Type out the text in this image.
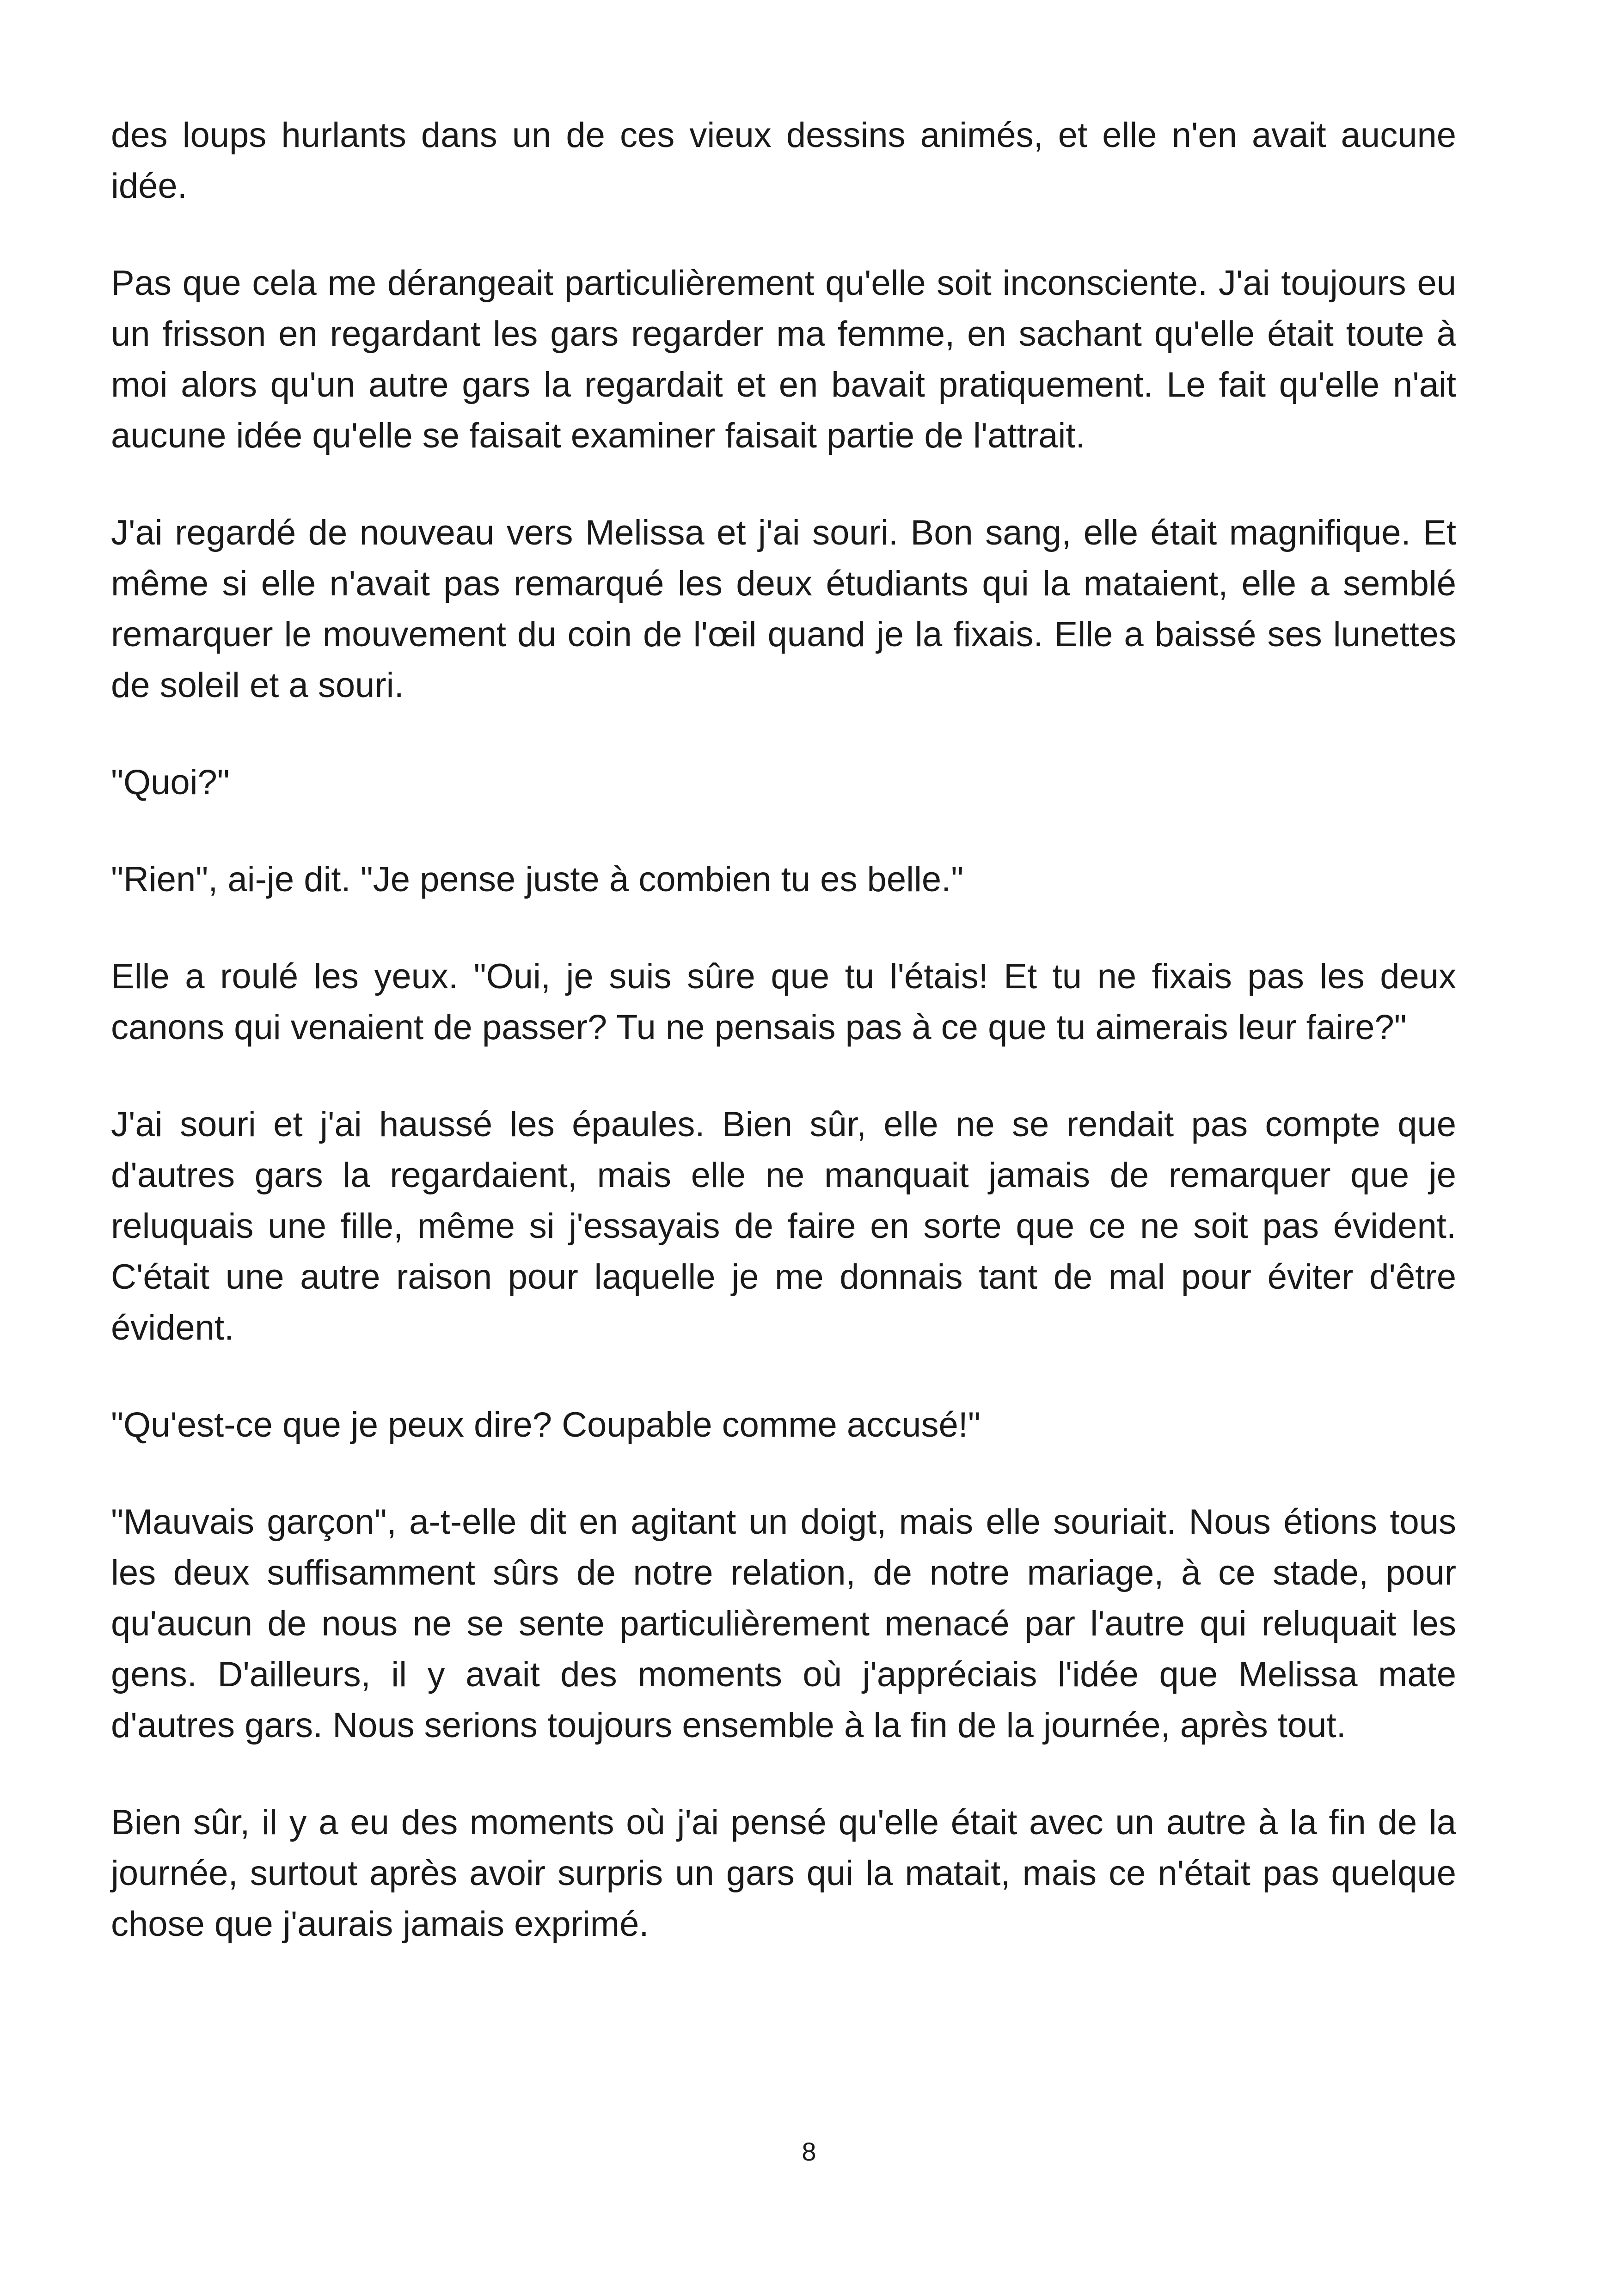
des loups hurlants dans un de ces vieux dessins animés, et elle n'en avait aucune idée.

Pas que cela me dérangeait particulièrement qu'elle soit inconsciente. J'ai toujours eu un frisson en regardant les gars regarder ma femme, en sachant qu'elle était toute à moi alors qu'un autre gars la regardait et en bavait pratiquement. Le fait qu'elle n'ait aucune idée qu'elle se faisait examiner faisait partie de l'attrait.

J'ai regardé de nouveau vers Melissa et j'ai souri. Bon sang, elle était magnifique. Et même si elle n'avait pas remarqué les deux étudiants qui la mataient, elle a semblé remarquer le mouvement du coin de l'œil quand je la fixais. Elle a baissé ses lunettes de soleil et a souri.

"Quoi?"

"Rien", ai-je dit. "Je pense juste à combien tu es belle."

Elle a roulé les yeux. "Oui, je suis sûre que tu l'étais! Et tu ne fixais pas les deux canons qui venaient de passer? Tu ne pensais pas à ce que tu aimerais leur faire?"

J'ai souri et j'ai haussé les épaules. Bien sûr, elle ne se rendait pas compte que d'autres gars la regardaient, mais elle ne manquait jamais de remarquer que je reluquais une fille, même si j'essayais de faire en sorte que ce ne soit pas évident. C'était une autre raison pour laquelle je me donnais tant de mal pour éviter d'être évident.

"Qu'est-ce que je peux dire? Coupable comme accusé!"

"Mauvais garçon", a-t-elle dit en agitant un doigt, mais elle souriait. Nous étions tous les deux suffisamment sûrs de notre relation, de notre mariage, à ce stade, pour qu'aucun de nous ne se sente particulièrement menacé par l'autre qui reluquait les gens. D'ailleurs, il y avait des moments où j'appréciais l'idée que Melissa mate d'autres gars. Nous serions toujours ensemble à la fin de la journée, après tout.

Bien sûr, il y a eu des moments où j'ai pensé qu'elle était avec un autre à la fin de la journée, surtout après avoir surpris un gars qui la matait, mais ce n'était pas quelque chose que j'aurais jamais exprimé.

8
